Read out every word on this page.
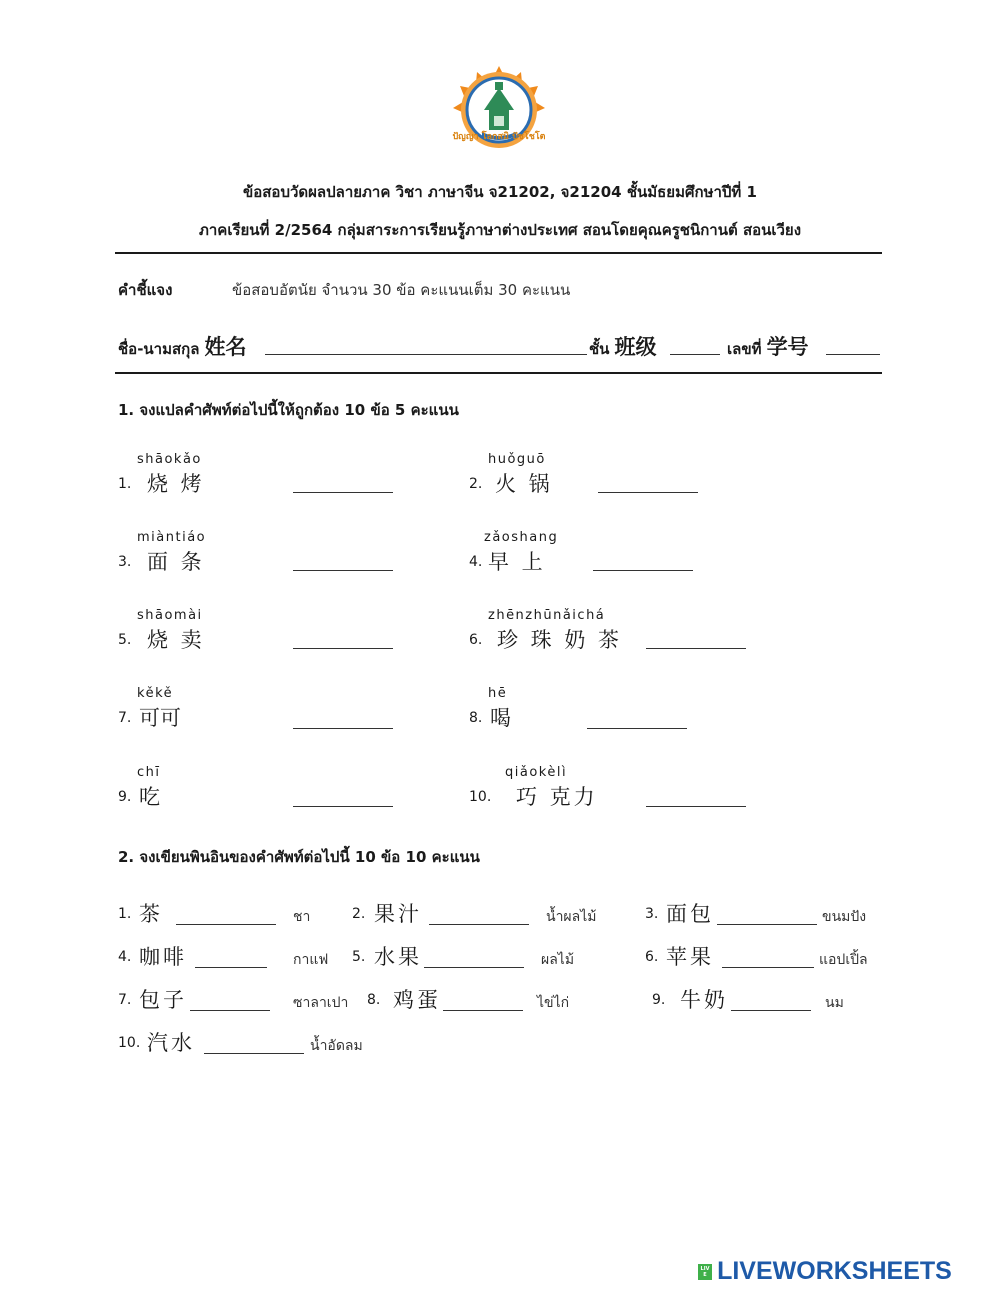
ปัญญา โลกสมิ ปัชโชโต
ข้อสอบวัดผลปลายภาค วิชา ภาษาจีน จ21202, จ21204 ชั้นมัธยมศึกษาปีที่ 1
ภาคเรียนที่ 2/2564 กลุ่มสาระการเรียนรู้ภาษาต่างประเทศ สอนโดยคุณครูชนิกานต์ สอนเวียง
คำชี้แจง	ข้อสอบอัตนัย จำนวน 30 ข้อ คะแนนเต็ม 30 คะแนน
ชื่อ-นามสกุล 姓名	ชั้น 班级	เลขที่ 学号
1. จงแปลคำศัพท์ต่อไปนี้ให้ถูกต้อง 10 ข้อ 5 คะแนน
shāokǎo
1. 烧 烤
huǒguō
2. 火 锅
miàntiáo
3. 面 条
zǎoshang
4. 早 上
shāomài
5. 烧 卖
zhēnzhūnǎichá
6. 珍 珠 奶 茶
kěkě
7. 可可
hē
8. 喝
chī
9. 吃
qiǎokèlì
10. 巧 克力
2. จงเขียนพินอินของคำศัพท์ต่อไปนี้ 10 ข้อ 10 คะแนน
1. 茶	ชา	2. 果汁	น้ำผลไม้	3. 面包	ขนมปัง
4. 咖啡	กาแฟ 5. 水果	ผลไม้	6. 苹果	แอปเปิ้ล
7. 包子	ซาลาเปา 8. 鸡蛋	ไข่ไก่	9. 牛奶	นม
10. 汽水	น้ำอัดลม
LIVE LIVEWORKSHEETS
